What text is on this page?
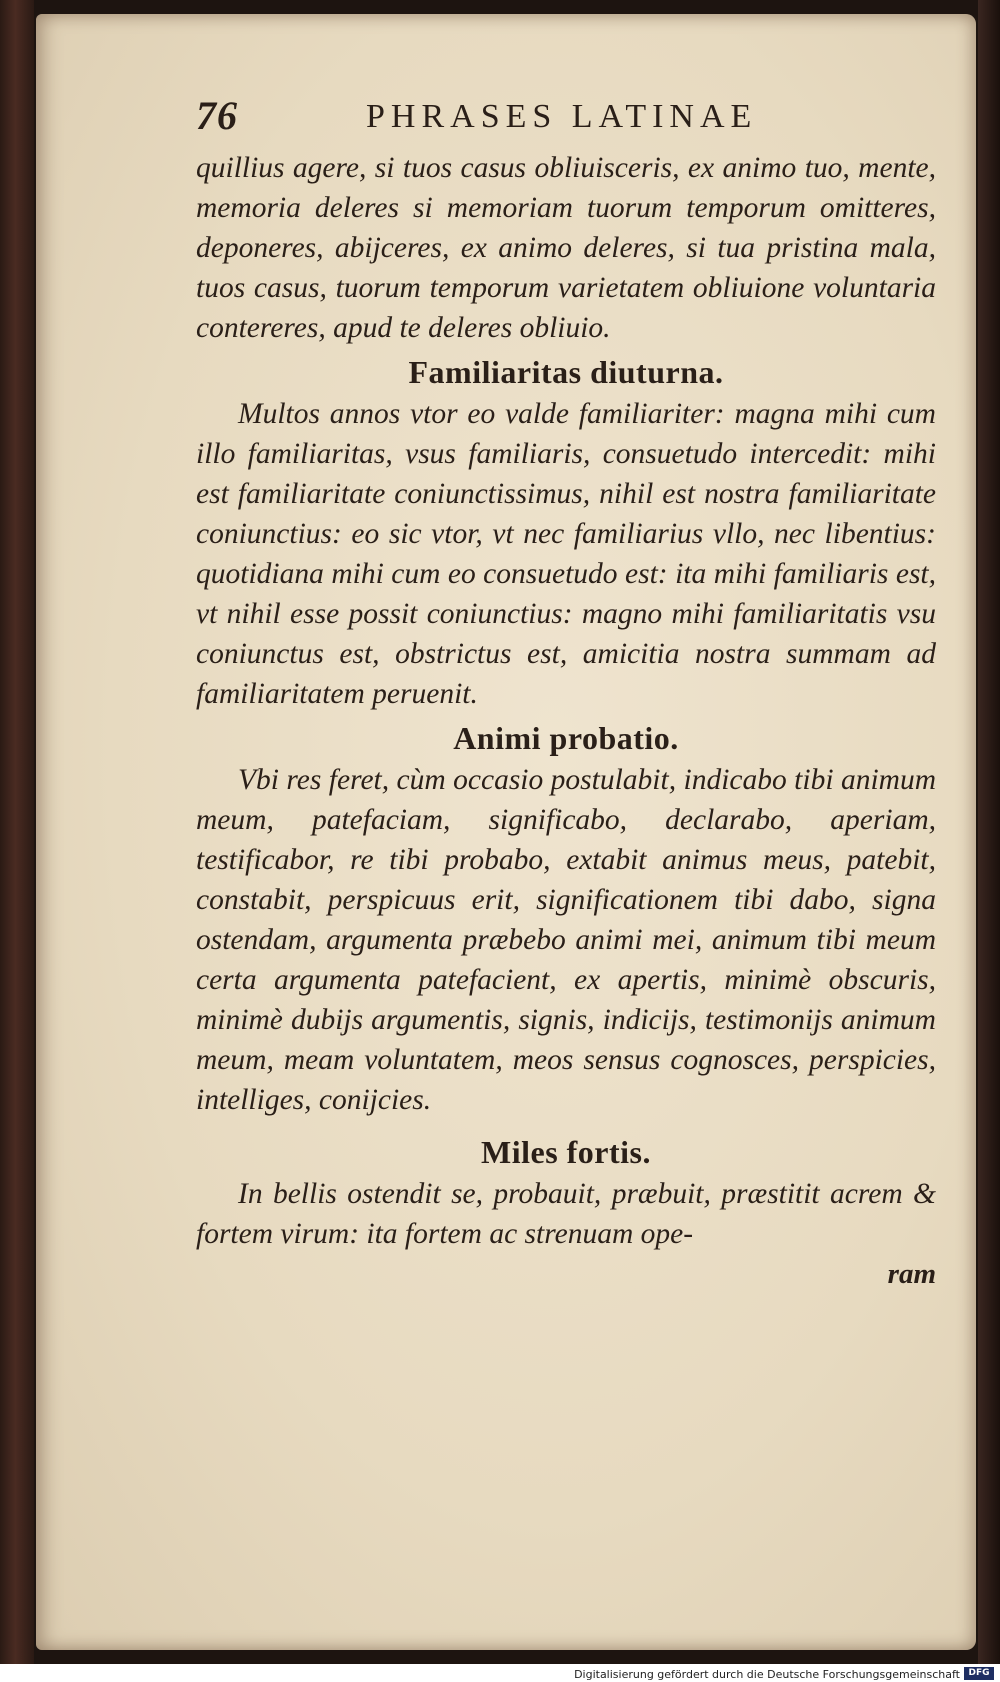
76	PHRASES LATINAE

quillius agere, si tuos casus obliuisceris, ex animo tuo, mente, memoria deleres si memoriam tuorum temporum omitteres, deponeres, abijceres, ex animo deleres, si tua pristina mala, tuos casus, tuorum temporum varietatem obliuione voluntaria contereres, apud te deleres obliuio.

Familiaritas diuturna.

Multos annos vtor eo valde familiariter: magna mihi cum illo familiaritas, vsus familiaris, consuetudo intercedit: mihi est familiaritate coniunctissimus, nihil est nostra familiaritate coniunctius: eo sic vtor, vt nec familiarius vllo, nec libentius: quotidiana mihi cum eo consuetudo est: ita mihi familiaris est, vt nihil esse possit coniunctius: magno mihi familiaritatis vsu coniunctus est, obstrictus est, amicitia nostra summam ad familiaritatem peruenit.

Animi probatio.

Vbi res feret, cùm occasio postulabit, indicabo tibi animum meum, patefaciam, significabo, declarabo, aperiam, testificabor, re tibi probabo, extabit animus meus, patebit, constabit, perspicuus erit, significationem tibi dabo, signa ostendam, argumenta præbebo animi mei, animum tibi meum certa argumenta patefacient, ex apertis, minimè obscuris, minimè dubijs argumentis, signis, indicijs, testimonijs animum meum, meam voluntatem, meos sensus cognosces, perspicies, intelliges, conijcies.

Miles fortis.

In bellis ostendit se, probauit, præbuit, præstitit acrem & fortem virum: ita fortem ac strenuam ope-

ram
Digitalisierung gefördert durch die Deutsche Forschungsgemeinschaft DFG
